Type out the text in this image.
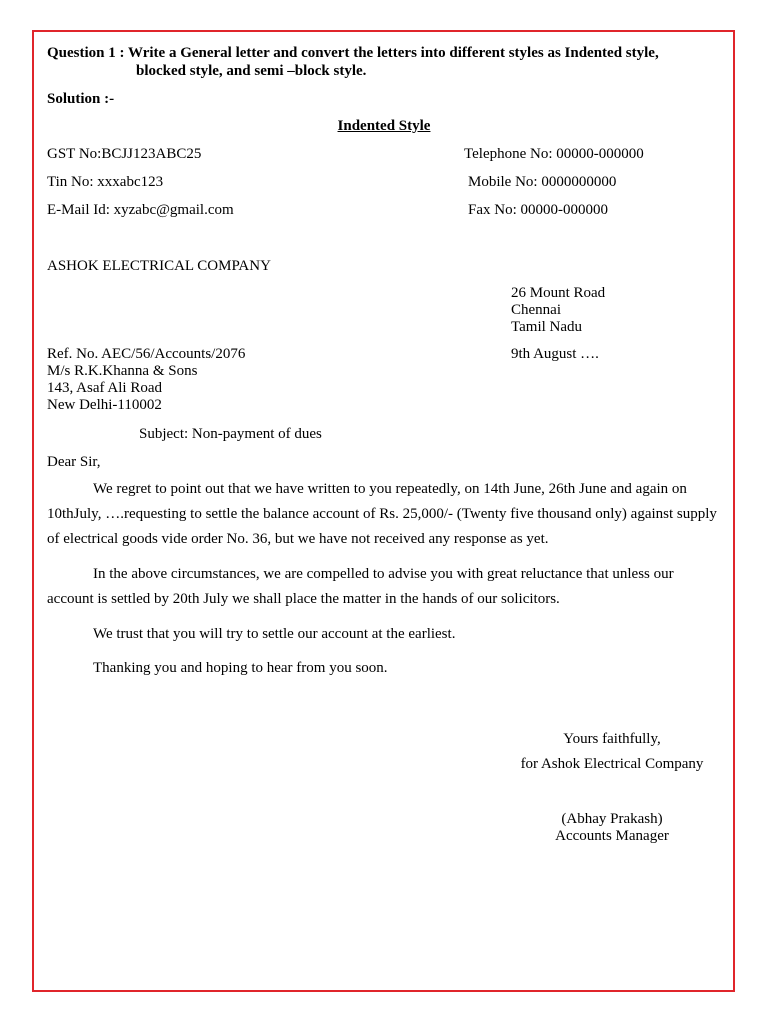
Question 1 : Write a General letter and convert the letters into different styles as Indented style,
blocked style, and semi –block style.
Solution :-
Indented Style
GST No:BCJJ123ABC25
Tin No: xxxabc123
E-Mail Id: xyzabc@gmail.com
Telephone No: 00000-000000
Mobile No: 0000000000
Fax No: 00000-000000
ASHOK ELECTRICAL COMPANY
26 Mount Road
Chennai
Tamil Nadu
Ref. No. AEC/56/Accounts/2076	9th August ….
M/s R.K.Khanna & Sons
143, Asaf Ali Road
New Delhi-110002
Subject: Non-payment of dues
Dear Sir,
We regret to point out that we have written to you repeatedly, on 14th June, 26th June and again on 10thJuly, ….requesting to settle the balance account of Rs. 25,000/- (Twenty five thousand only) against supply of electrical goods vide order No. 36, but we have not received any response as yet.
In the above circumstances, we are compelled to advise you with great reluctance that unless our account is settled by 20th July we shall place the matter in the hands of our solicitors.
We trust that you will try to settle our account at the earliest.
Thanking you and hoping to hear from you soon.
Yours faithfully,
for Ashok Electrical Company
(Abhay Prakash)
Accounts Manager
